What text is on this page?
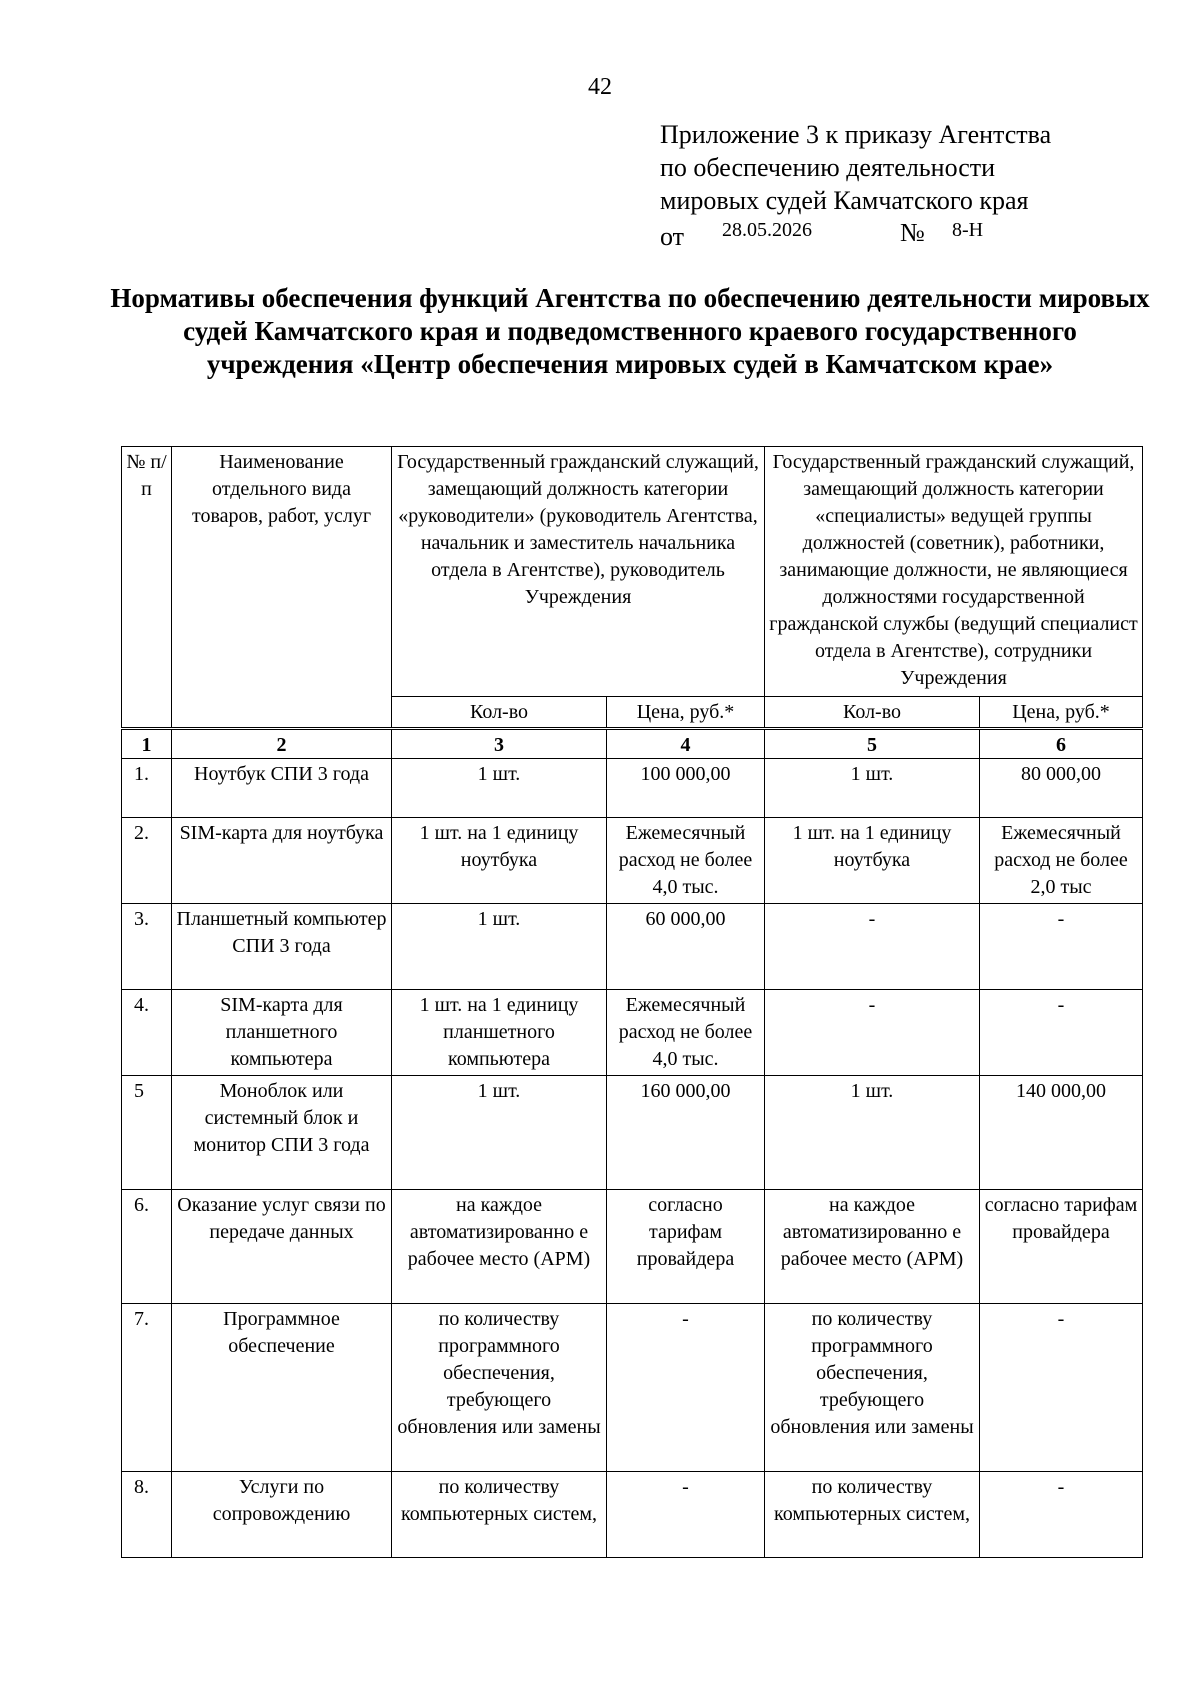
42
Приложение 3 к приказу Агентства
по обеспечению деятельности
мировых судей Камчатского края
от 28.05.2026	№ 8-Н
Нормативы обеспечения функций Агентства по обеспечению деятельности мировых судей Камчатского края и подведомственного краевого государственного учреждения «Центр обеспечения мировых судей в Камчатском крае»
№ п/п	Наименование отдельного вида товаров, работ, услуг	Государственный гражданский служащий, замещающий должность категории «руководители» (руководитель Агентства, начальник и заместитель начальника отдела в Агентстве), руководитель Учреждения		Государственный гражданский служащий, замещающий должность категории «специалисты» ведущей группы должностей (советник), работники, занимающие должности, не являющиеся должностями государственной гражданской службы (ведущий специалист отдела в Агентстве), сотрудники Учреждения	
		Кол-во	Цена, руб.*	Кол-во	Цена, руб.*
1	2	3	4	5	6
1.	Ноутбук СПИ 3 года	1 шт.	100 000,00	1 шт.	80 000,00
2.	SIM-карта для ноутбука	1 шт. на 1 единицу ноутбука	Ежемесячный расход не более 4,0 тыс.	1 шт. на 1 единицу ноутбука	Ежемесячный расход не более 2,0 тыс
3.	Планшетный компьютер СПИ 3 года	1 шт.	60 000,00	-	-
4.	SIM-карта для планшетного компьютера	1 шт. на 1 единицу планшетного компьютера	Ежемесячный расход не более 4,0 тыс.	-	-
5	Моноблок или системный блок и монитор СПИ 3 года	1 шт.	160 000,00	1 шт.	140 000,00
6.	Оказание услуг связи по передаче данных	на каждое автоматизированно е рабочее место (АРМ)	согласно тарифам провайдера	на каждое автоматизированно е рабочее место (АРМ)	согласно тарифам провайдера
7.	Программное обеспечение	по количеству программного обеспечения, требующего обновления или замены	-	по количеству программного обеспечения, требующего обновления или замены	-
8.	Услуги по сопровождению	по количеству компьютерных систем,	-	по количеству компьютерных систем,	-
